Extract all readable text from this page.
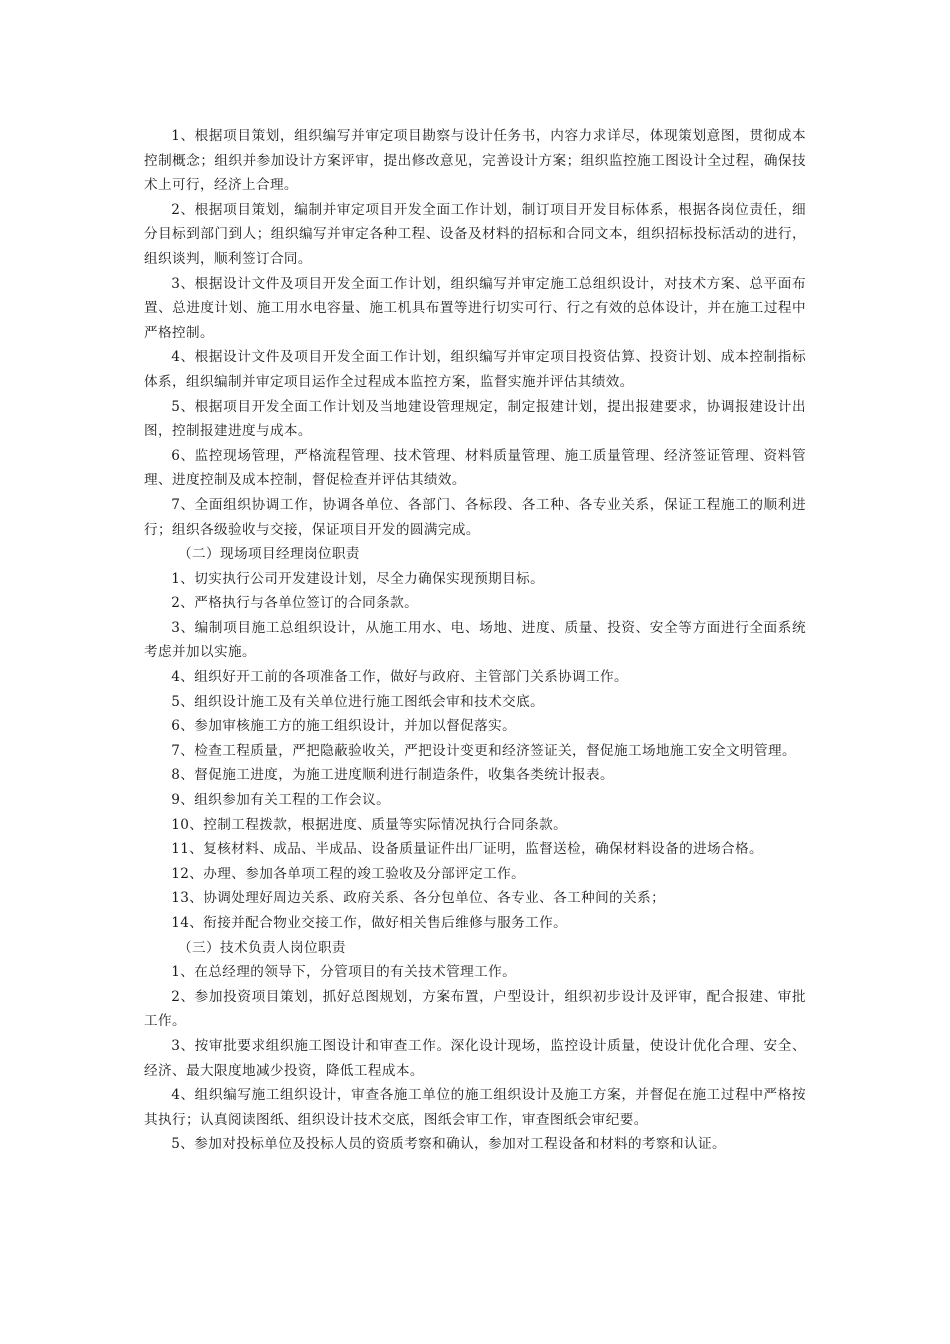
1、根据项目策划，组织编写并审定项目勘察与设计任务书，内容力求详尽，体现策划意图，贯彻成本控制概念；组织并参加设计方案评审，提出修改意见，完善设计方案；组织监控施工图设计全过程，确保技术上可行，经济上合理。

2、根据项目策划，编制并审定项目开发全面工作计划，制订项目开发目标体系，根据各岗位责任，细分目标到部门到人；组织编写并审定各种工程、设备及材料的招标和合同文本，组织招标投标活动的进行，组织谈判，顺利签订合同。

3、根据设计文件及项目开发全面工作计划，组织编写并审定施工总组织设计，对技术方案、总平面布置、总进度计划、施工用水电容量、施工机具布置等进行切实可行、行之有效的总体设计，并在施工过程中严格控制。

4、根据设计文件及项目开发全面工作计划，组织编写并审定项目投资估算、投资计划、成本控制指标体系，组织编制并审定项目运作全过程成本监控方案，监督实施并评估其绩效。

5、根据项目开发全面工作计划及当地建设管理规定，制定报建计划，提出报建要求，协调报建设计出图，控制报建进度与成本。

6、监控现场管理，严格流程管理、技术管理、材料质量管理、施工质量管理、经济签证管理、资料管理、进度控制及成本控制，督促检查并评估其绩效。

7、全面组织协调工作，协调各单位、各部门、各标段、各工种、各专业关系，保证工程施工的顺利进行；组织各级验收与交接，保证项目开发的圆满完成。

（二）现场项目经理岗位职责

1、切实执行公司开发建设计划，尽全力确保实现预期目标。

2、严格执行与各单位签订的合同条款。

3、编制项目施工总组织设计，从施工用水、电、场地、进度、质量、投资、安全等方面进行全面系统考虑并加以实施。

4、组织好开工前的各项准备工作，做好与政府、主管部门关系协调工作。

5、组织设计施工及有关单位进行施工图纸会审和技术交底。

6、参加审核施工方的施工组织设计，并加以督促落实。

7、检查工程质量，严把隐蔽验收关，严把设计变更和经济签证关，督促施工场地施工安全文明管理。

8、督促施工进度，为施工进度顺利进行制造条件，收集各类统计报表。

9、组织参加有关工程的工作会议。

10、控制工程拨款，根据进度、质量等实际情况执行合同条款。

11、复核材料、成品、半成品、设备质量证件出厂证明，监督送检，确保材料设备的进场合格。

12、办理、参加各单项工程的竣工验收及分部评定工作。

13、协调处理好周边关系、政府关系、各分包单位、各专业、各工种间的关系；

14、衔接并配合物业交接工作，做好相关售后维修与服务工作。

（三）技术负责人岗位职责

1、在总经理的领导下，分管项目的有关技术管理工作。

2、参加投资项目策划，抓好总图规划，方案布置，户型设计，组织初步设计及评审，配合报建、审批工作。

3、按审批要求组织施工图设计和审查工作。深化设计现场，监控设计质量，使设计优化合理、安全、经济、最大限度地减少投资，降低工程成本。

4、组织编写施工组织设计，审查各施工单位的施工组织设计及施工方案，并督促在施工过程中严格按其执行；认真阅读图纸、组织设计技术交底，图纸会审工作，审查图纸会审纪要。

5、参加对投标单位及投标人员的资质考察和确认，参加对工程设备和材料的考察和认证。
